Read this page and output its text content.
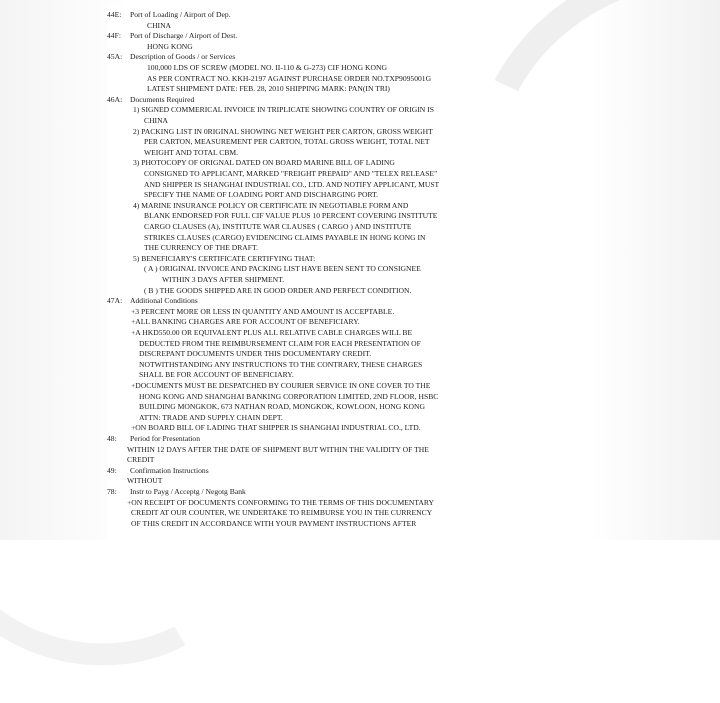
44E: Port of Loading / Airport of Dep.
CHINA
44F: Port of Discharge / Airport of Dest.
HONG KONG
45A: Description of Goods / or Services
100,000 LDS OF SCREW (MODEL NO. II-110 & G-273) CIF HONG KONG
AS PER CONTRACT NO. KKH-2197 AGAINST PURCHASE ORDER NO.TXP9095001G
LATEST SHIPMENT DATE: FEB. 28, 2010 SHIPPING MARK: PAN(IN TRI)
46A: Documents Required
1) SIGNED COMMERICAL INVOICE IN TRIPLICATE SHOWING COUNTRY OF ORIGIN IS
CHINA
2) PACKING LIST IN 0RIGINAL SHOWING NET WEIGHT PER CARTON, GROSS WEIGHT
PER CARTON, MEASUREMENT PER CARTON, TOTAL GROSS WEIGHT, TOTAL NET
WEIGHT AND TOTAL CBM.
3) PHOTOCOPY OF ORIGNAL DATED ON BOARD MARINE BILL OF LADING
CONSIGNED TO APPLICANT, MARKED "FREIGHT PREPAID" AND "TELEX RELEASE"
AND SHIPPER IS SHANGHAI INDUSTRIAL CO., LTD. AND NOTIFY APPLICANT, MUST
SPECIFY THE NAME OF LOADING PORT AND DISCHARGING PORT.
4) MARINE INSURANCE POLICY OR CERTIFICATE IN NEGOTIABLE FORM AND
BLANK ENDORSED FOR FULL CIF VALUE PLUS 10 PERCENT COVERING INSTITUTE
CARGO CLAUSES (A), INSTITUTE WAR CLAUSES ( CARGO ) AND INSTITUTE
STRIKES CLAUSES (CARGO) EVIDENCING CLAIMS PAYABLE IN HONG KONG IN
THE CURRENCY OF THE DRAFT.
5) BENEFICIARY'S CERTIFICATE CERTIFYING THAT:
( A ) ORIGINAL INVOICE AND PACKING LIST HAVE BEEN SENT TO CONSIGNEE
WITHIN 3 DAYS AFTER SHIPMENT.
( B ) THE GOODS SHIPPED ARE IN GOOD ORDER AND PERFECT CONDITION.
47A: Additional Conditions
+3 PERCENT MORE OR LESS IN QUANTITY AND AMOUNT IS ACCEPTABLE.
+ALL BANKING CHARGES ARE FOR ACCOUNT OF BENEFICIARY.
+A HKD550.00 OR EQUIVALENT PLUS ALL RELATIVE CABLE CHARGES WILL BE
DEDUCTED FROM THE REIMBURSEMENT CLAIM FOR EACH PRESENTATION OF
DISCREPANT DOCUMENTS UNDER THIS DOCUMENTARY CREDIT.
NOTWITHSTANDING ANY INSTRUCTIONS TO THE CONTRARY, THESE CHARGES
SHALL BE FOR ACCOUNT OF BENEFICIARY.
+DOCUMENTS MUST BE DESPATCHED BY COURIER SERVICE IN ONE COVER TO THE
HONG KONG AND SHANGHAI BANKING CORPORATION LIMITED, 2ND FLOOR, HSBC
BUILDING MONGKOK, 673 NATHAN ROAD, MONGKOK, KOWLOON, HONG KONG
ATTN: TRADE AND SUPPLY CHAIN DEPT.
+ON BOARD BILL OF LADING THAT SHIPPER IS SHANGHAI INDUSTRIAL CO., LTD.
48: Period for Presentation
WITHIN 12 DAYS AFTER THE DATE OF SHIPMENT BUT WITHIN THE VALIDITY OF THE
CREDIT
49: Confirmation Instructions
WITHOUT
78: Instr to Payg / Acceptg / Negotg Bank
+ON RECEIPT OF DOCUMENTS CONFORMING TO THE TERMS OF THIS DOCUMENTARY
CREDIT AT OUR COUNTER, WE UNDERTAKE TO REIMBURSE YOU IN THE CURRENCY
OF THIS CREDIT IN ACCORDANCE WITH YOUR PAYMENT INSTRUCTIONS AFTER
